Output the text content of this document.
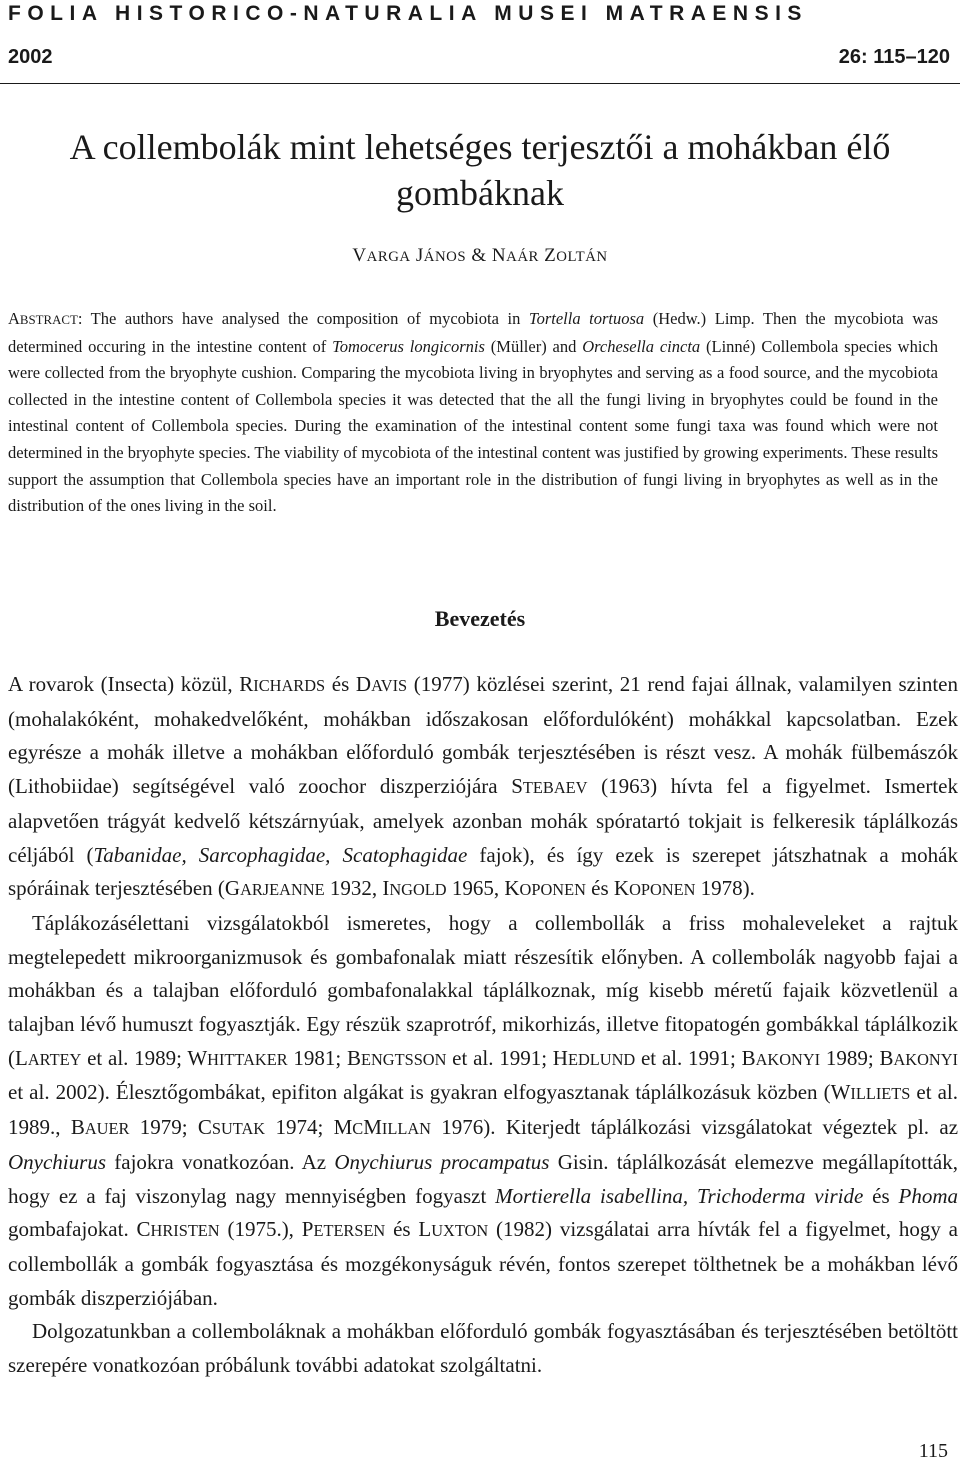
FOLIA HISTORICO-NATURALIA MUSEI MATRAENSIS
2002	26: 115–120
A collembolák mint lehetséges terjesztői a mohákban élő gombáknak
VARGA JÁNOS & NAÁR ZOLTÁN

ABSTRACT: The authors have analysed the composition of mycobiota in Tortella tortuosa (Hedw.) Limp. Then the mycobiota was determined occuring in the intestine content of Tomocerus longicornis (Müller) and Orchesella cincta (Linné) Collembola species which were collected from the bryophyte cushion. Comparing the mycobiota living in bryophytes and serving as a food source, and the mycobiota collected in the intestine content of Collembola species it was detected that the all the fungi living in bryophytes could be found in the intestinal content of Collembola species. During the examination of the intestinal content some fungi taxa was found which were not determined in the bryophyte species. The viability of mycobiota of the intestinal content was justified by growing experiments. These results support the assumption that Collembola species have an important role in the distribution of fungi living in bryophytes as well as in the distribution of the ones living in the soil.

Bevezetés

A rovarok (Insecta) közül, RICHARDS és DAVIS (1977) közlései szerint, 21 rend fajai állnak, valamilyen szinten (mohalakóként, mohakedvelőként, mohákban időszakosan előfordulóként) mohákkal kapcsolatban. Ezek egyrésze a mohák illetve a mohákban előforduló gombák terjesztésében is részt vesz. A mohák fülbemászók (Lithobiidae) segítségével való zoochor diszperziójára STEBAEV (1963) hívta fel a figyelmet. Ismertek alapvetően trágyát kedvelő kétszárnyúak, amelyek azonban mohák spóratartó tokjait is felkeresik táplálkozás céljából (Tabanidae, Sarcophagidae, Scatophagidae fajok), és így ezek is szerepet játszhatnak a mohák spóráinak terjesztésében (GARJEANNE 1932, INGOLD 1965, KOPONEN és KOPONEN 1978).

Táplákozásélettani vizsgálatokból ismeretes, hogy a collembollák a friss mohaleveleket a rajtuk megtelepedett mikroorganizmusok és gombafonalak miatt részesítik előnyben. A collembolák nagyobb fajai a mohákban és a talajban előforduló gombafonalakkal táplálkoznak, míg kisebb méretű fajaik közvetlenül a talajban lévő humuszt fogyasztják. Egy részük szaprotróf, mikorhizás, illetve fitopatogén gombákkal táplálkozik (LARTEY et al. 1989; WHITTAKER 1981; BENGTSSON et al. 1991; HEDLUND et al. 1991; BAKONYI 1989; BAKONYI et al. 2002). Élesztőgombákat, epifiton algákat is gyakran elfogyasztanak táplálkozásuk közben (WILLIETS et al. 1989., BAUER 1979; CSUTAK 1974; MCMILLAN 1976). Kiterjedt táplálkozási vizsgálatokat végeztek pl. az Onychiurus fajokra vonatkozóan. Az Onychiurus procampatus Gisin. táplálkozását elemezve megállapították, hogy ez a faj viszonylag nagy mennyiségben fogyaszt Mortierella isabellina, Trichoderma viride és Phoma gombafajokat. CHRISTEN (1975.), PETERSEN és LUXTON (1982) vizsgálatai arra hívták fel a figyelmet, hogy a collembollák a gombák fogyasztása és mozgékonyságuk révén, fontos szerepet tölthetnek be a mohákban lévő gombák diszperziójában.

Dolgozatunkban a collemboláknak a mohákban előforduló gombák fogyasztásában és terjesztésében betöltött szerepére vonatkozóan próbálunk további adatokat szolgáltatni.

115
